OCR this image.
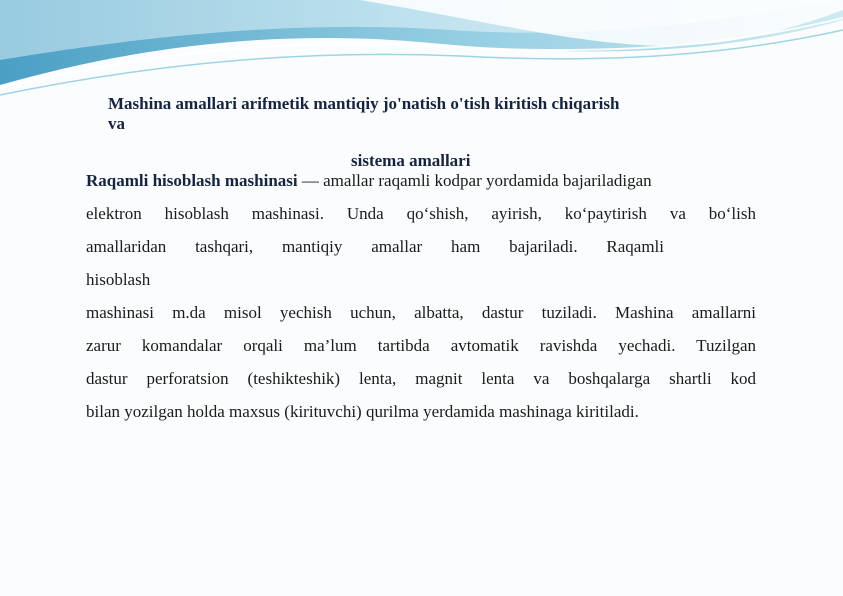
Mashina amallari arifmetik mantiqiy jo'natish o'tish kiritish chiqarish
va
sistema amallari
Raqamli hisoblash mashinasi — amallar raqamli kodpar yordamida bajariladigan
elektron hisoblash mashinasi. Unda qo‘shish, ayirish, ko‘paytirish va bo‘lish
amallaridan tashqari, mantiqiy amallar ham bajariladi. Raqamli
hisoblash
mashinasi m.da misol yechish uchun, albatta, dastur tuziladi. Mashina amallarni
zarur komandalar orqali ma’lum tartibda avtomatik ravishda yechadi. Tuzilgan
dastur perforatsion (teshikteshik) lenta, magnit lenta va boshqalarga shartli kod
bilan yozilgan holda maxsus (kirituvchi) qurilma yerdamida mashinaga kiritiladi.
